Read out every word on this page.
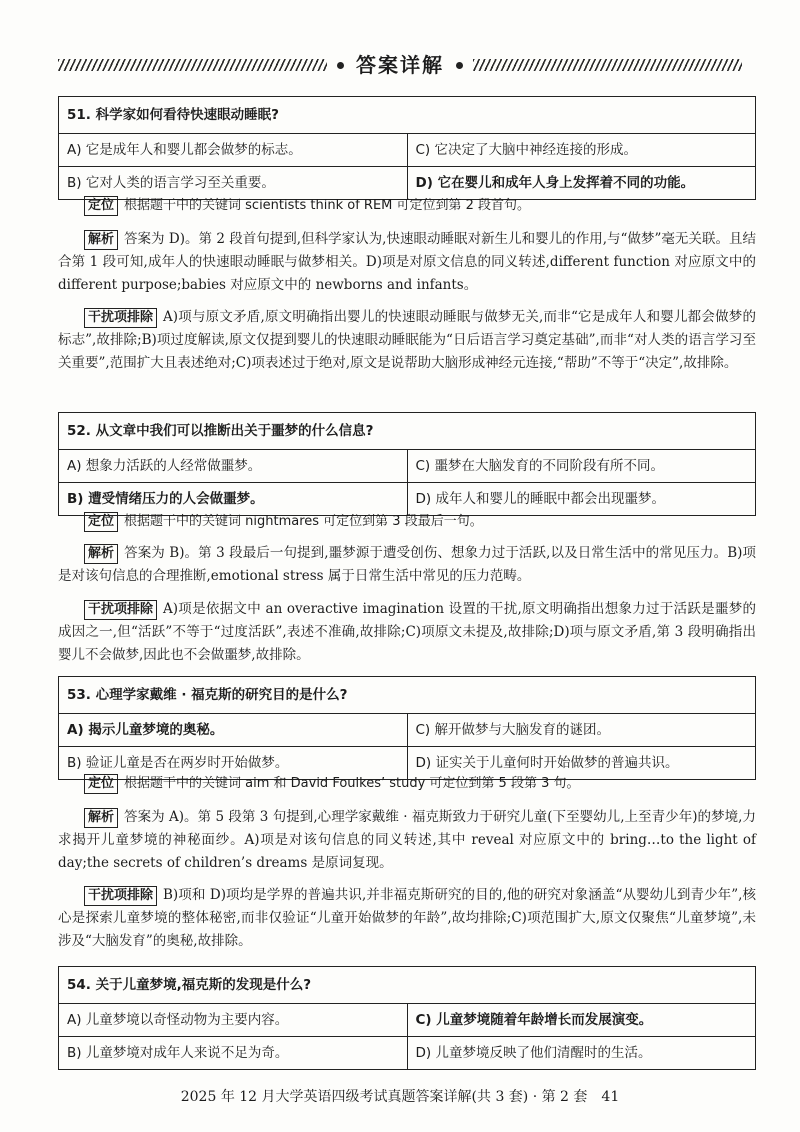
答案详解
51. 科学家如何看待快速眼动睡眠?	
A) 它是成年人和婴儿都会做梦的标志。	C) 它决定了大脑中神经连接的形成。
B) 它对人类的语言学习至关重要。	D) 它在婴儿和成年人身上发挥着不同的功能。

定位 根据题干中的关键词 scientists think of REM 可定位到第 2 段首句。

解析 答案为 D)。第 2 段首句提到,但科学家认为,快速眼动睡眠对新生儿和婴儿的作用,与“做梦”毫无关联。且结合第 1 段可知,成年人的快速眼动睡眠与做梦相关。D)项是对原文信息的同义转述,different function 对应原文中的 different purpose;babies 对应原文中的 newborns and infants。

干扰项排除 A)项与原文矛盾,原文明确指出婴儿的快速眼动睡眠与做梦无关,而非“它是成年人和婴儿都会做梦的标志”,故排除;B)项过度解读,原文仅提到婴儿的快速眼动睡眠能为“日后语言学习奠定基础”,而非“对人类的语言学习至关重要”,范围扩大且表述绝对;C)项表述过于绝对,原文是说帮助大脑形成神经元连接,“帮助”不等于“决定”,故排除。

52. 从文章中我们可以推断出关于噩梦的什么信息?	
A) 想象力活跃的人经常做噩梦。	C) 噩梦在大脑发育的不同阶段有所不同。
B) 遭受情绪压力的人会做噩梦。	D) 成年人和婴儿的睡眠中都会出现噩梦。

定位 根据题干中的关键词 nightmares 可定位到第 3 段最后一句。

解析 答案为 B)。第 3 段最后一句提到,噩梦源于遭受创伤、想象力过于活跃,以及日常生活中的常见压力。B)项是对该句信息的合理推断,emotional stress 属于日常生活中常见的压力范畴。

干扰项排除 A)项是依据文中 an overactive imagination 设置的干扰,原文明确指出想象力过于活跃是噩梦的成因之一,但“活跃”不等于“过度活跃”,表述不准确,故排除;C)项原文未提及,故排除;D)项与原文矛盾,第 3 段明确指出婴儿不会做梦,因此也不会做噩梦,故排除。

53. 心理学家戴维 · 福克斯的研究目的是什么?	
A) 揭示儿童梦境的奥秘。	C) 解开做梦与大脑发育的谜团。
B) 验证儿童是否在两岁时开始做梦。	D) 证实关于儿童何时开始做梦的普遍共识。

定位 根据题干中的关键词 aim 和 David Foulkes’ study 可定位到第 5 段第 3 句。

解析 答案为 A)。第 5 段第 3 句提到,心理学家戴维 · 福克斯致力于研究儿童(下至婴幼儿,上至青少年)的梦境,力求揭开儿童梦境的神秘面纱。A)项是对该句信息的同义转述,其中 reveal 对应原文中的 bring…to the light of day;the secrets of children’s dreams 是原词复现。

干扰项排除 B)项和 D)项均是学界的普遍共识,并非福克斯研究的目的,他的研究对象涵盖“从婴幼儿到青少年”,核心是探索儿童梦境的整体秘密,而非仅验证“儿童开始做梦的年龄”,故均排除;C)项范围扩大,原文仅聚焦“儿童梦境”,未涉及“大脑发育”的奥秘,故排除。

54. 关于儿童梦境,福克斯的发现是什么?	
A) 儿童梦境以奇怪动物为主要内容。	C) 儿童梦境随着年龄增长而发展演变。
B) 儿童梦境对成年人来说不足为奇。	D) 儿童梦境反映了他们清醒时的生活。
2025 年 12 月大学英语四级考试真题答案详解(共 3 套) · 第 2 套 41
